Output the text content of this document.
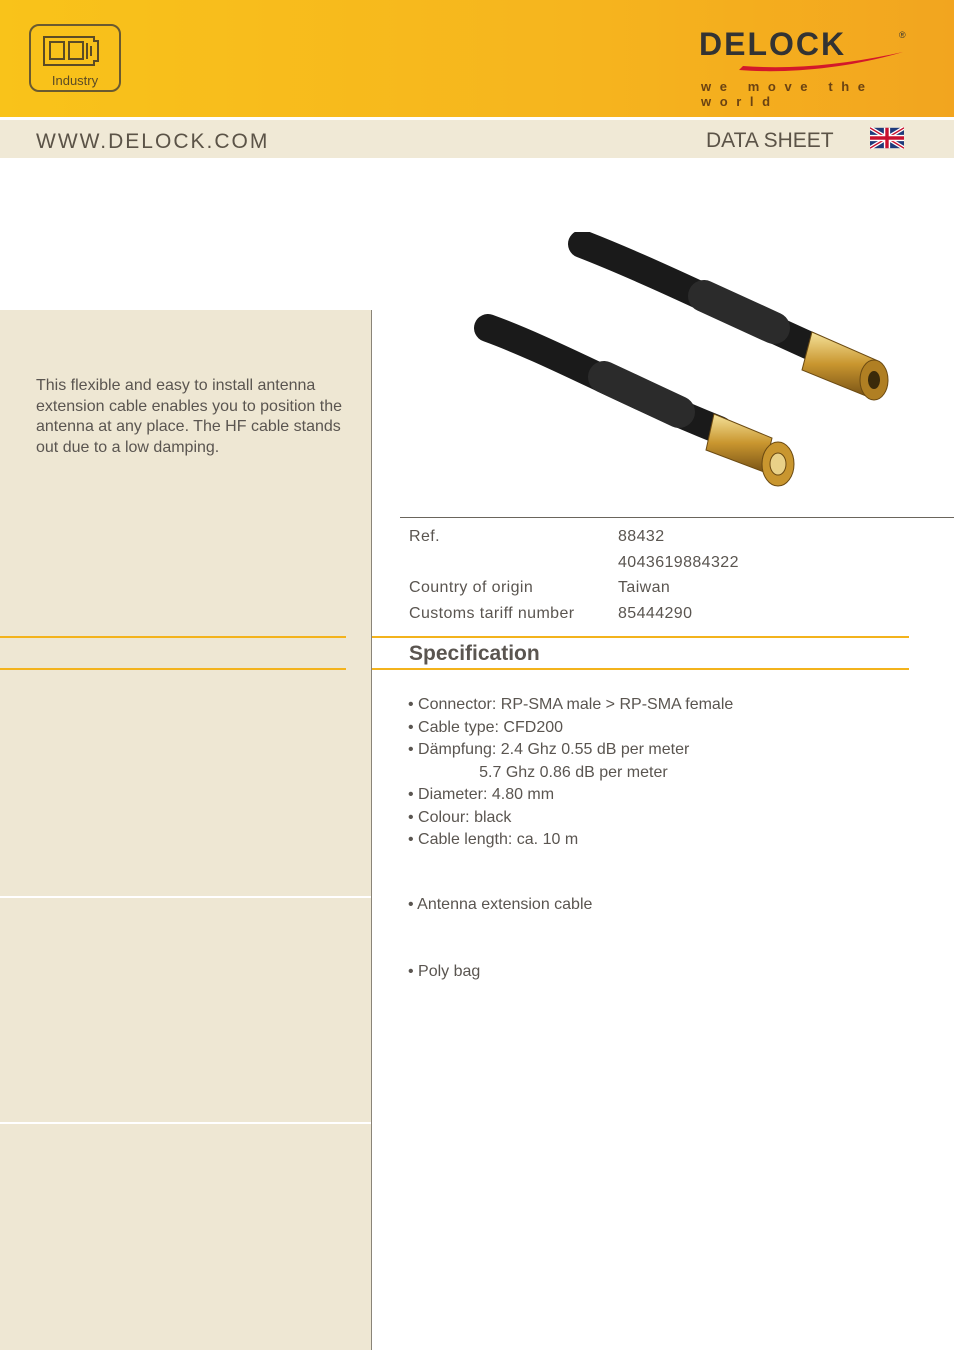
Industry
DELOCK	®
we move the world
WWW.DELOCK.COM	DATA SHEET
This flexible and easy to install antenna extension cable enables you to position the antenna at any place. The HF cable stands out due to a low damping.
Ref.	88432
	4043619884322
Country of origin	Taiwan
Customs tariff number	85444290
Specification
• Connector: RP-SMA male > RP-SMA female
• Cable type: CFD200
• Dämpfung: 2.4 Ghz 0.55 dB per meter
5.7 Ghz 0.86 dB per meter
• Diameter: 4.80 mm
• Colour: black
• Cable length: ca. 10 m
• Antenna extension cable
• Poly bag
